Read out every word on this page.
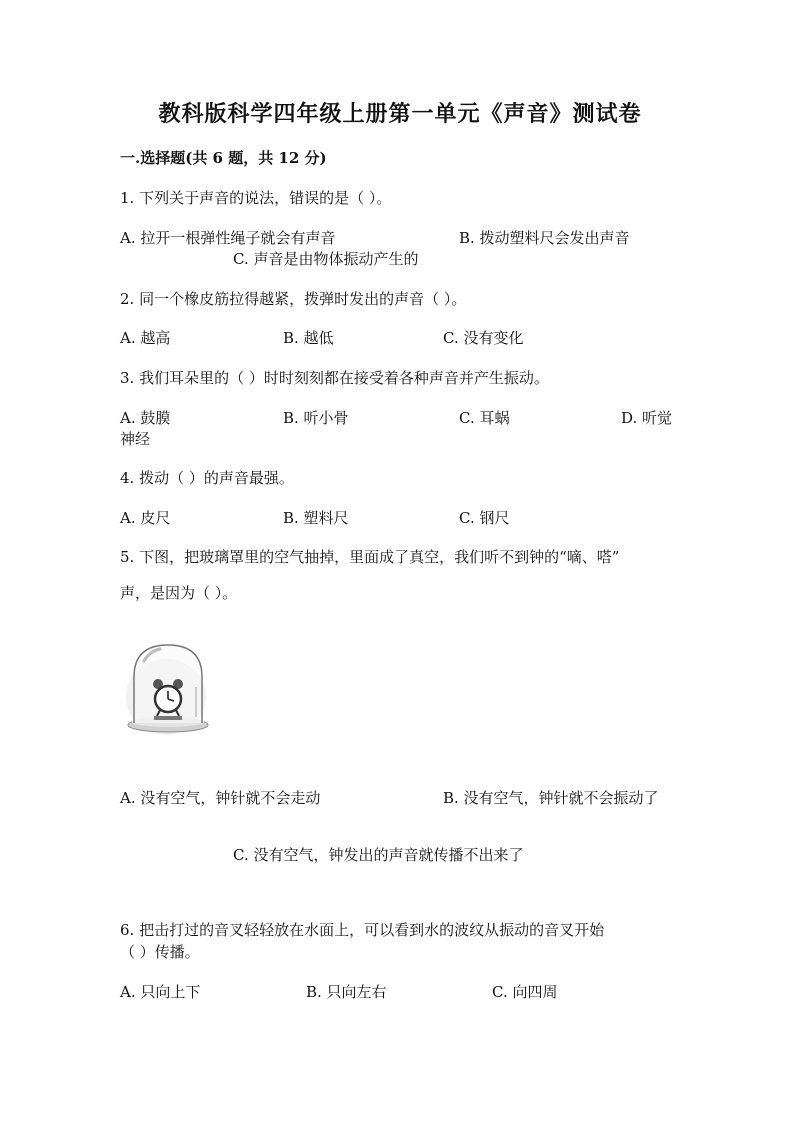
教科版科学四年级上册第一单元《声音》测试卷
一.选择题(共 6 题，共 12 分)
1. 下列关于声音的说法，错误的是（ ）。
A. 拉开一根弹性绳子就会有声音	B. 拨动塑料尺会发出声音
C. 声音是由物体振动产生的
2. 同一个橡皮筋拉得越紧，拨弹时发出的声音（ ）。
A. 越高	B. 越低	C. 没有变化
3. 我们耳朵里的（ ）时时刻刻都在接受着各种声音并产生振动。
A. 鼓膜	B. 听小骨	C. 耳蜗	D. 听觉
神经
4. 拨动（ ）的声音最强。
A. 皮尺	B. 塑料尺	C. 钢尺
5. 下图，把玻璃罩里的空气抽掉，里面成了真空，我们听不到钟的“嘀、嗒”
声，是因为（ ）。
A. 没有空气，钟针就不会走动	B. 没有空气，钟针就不会振动了
C. 没有空气，钟发出的声音就传播不出来了
6. 把击打过的音叉轻轻放在水面上，可以看到水的波纹从振动的音叉开始
（ ）传播。
A. 只向上下	B. 只向左右	C. 向四周
